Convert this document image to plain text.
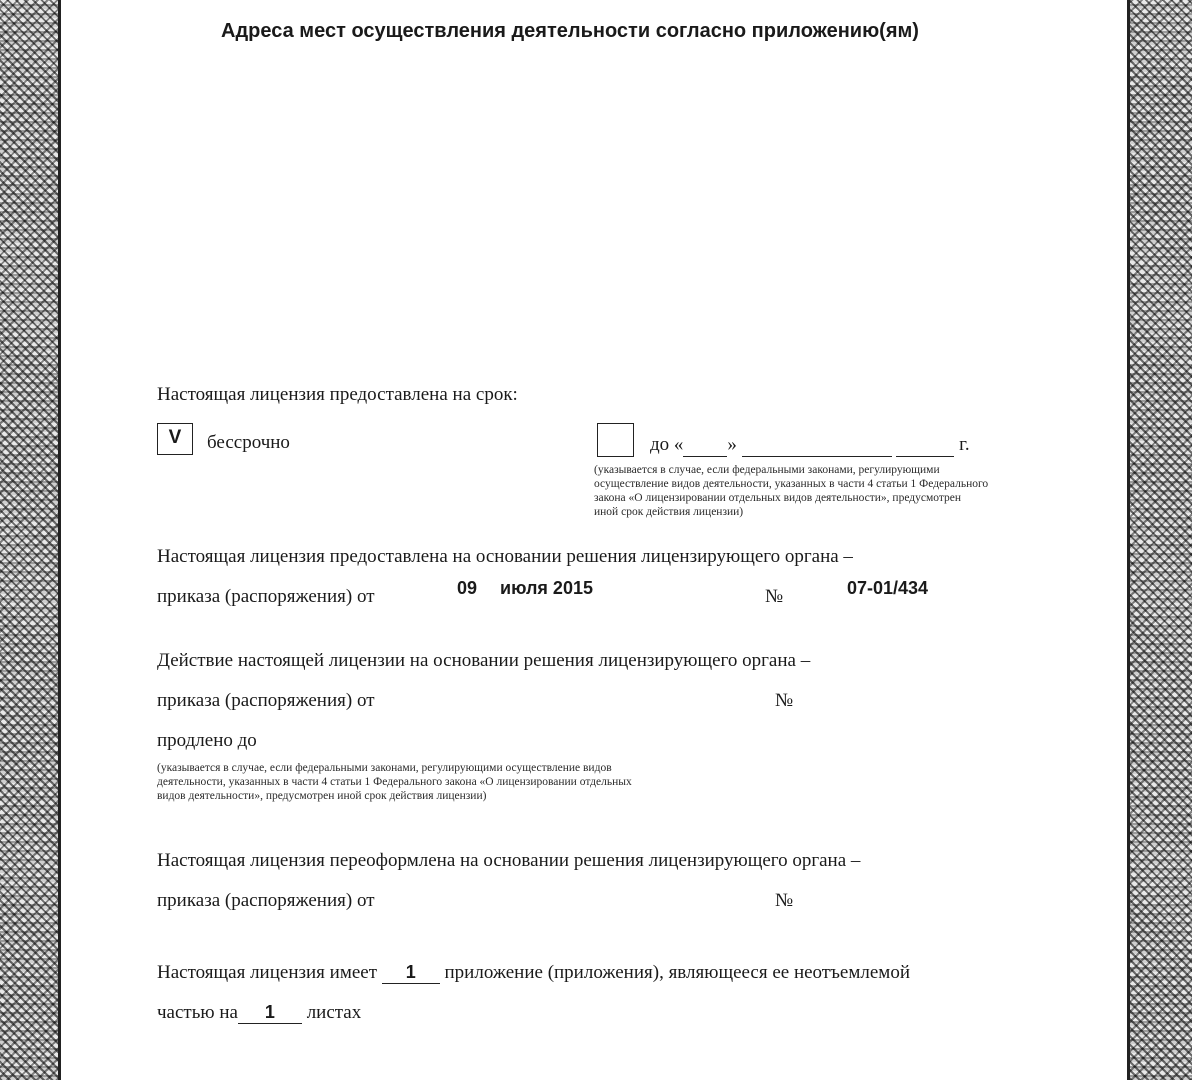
Адреса мест осуществления деятельности согласно приложению(ям)
Настоящая лицензия предоставлена на срок:
V	бессрочно	до « »	г.
(указывается в случае, если федеральными законами, регулирующими
осуществление видов деятельности, указанных в части 4 статьи 1 Федерального
закона «О лицензировании отдельных видов деятельности», предусмотрен
иной срок действия лицензии)
Настоящая лицензия предоставлена на основании решения лицензирующего органа –
приказа (распоряжения) от	09 июля 2015	№	07-01/434
Действие настоящей лицензии на основании решения лицензирующего органа –
приказа (распоряжения) от	№
продлено до
(указывается в случае, если федеральными законами, регулирующими осуществление видов
деятельности, указанных в части 4 статьи 1 Федерального закона «О лицензировании отдельных
видов деятельности», предусмотрен иной срок действия лицензии)
Настоящая лицензия переоформлена на основании решения лицензирующего органа –
приказа (распоряжения) от	№
Настоящая лицензия имеет 1 приложение (приложения), являющееся ее неотъемлемой
частью на 1 листах
